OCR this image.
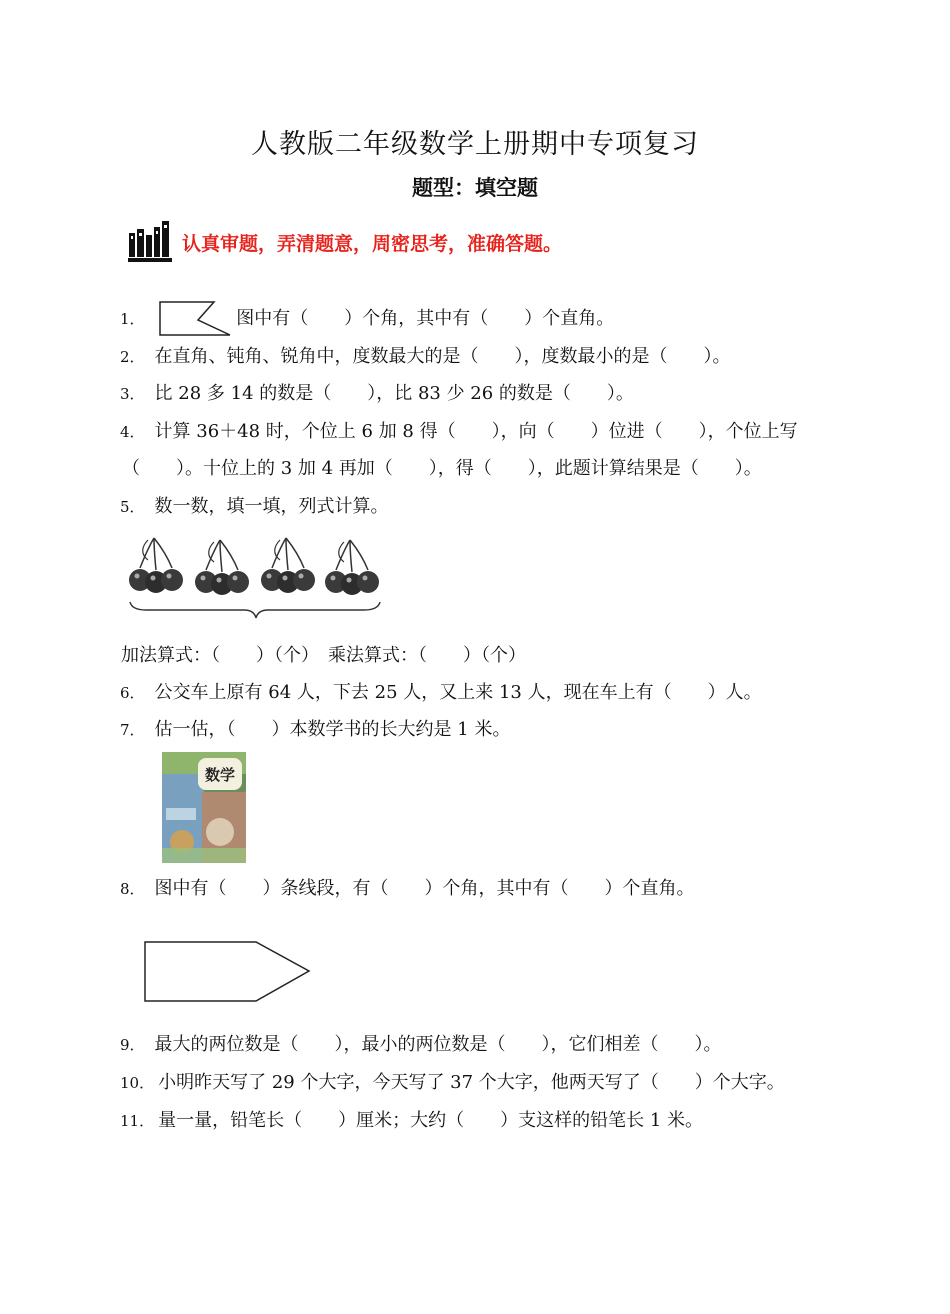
人教版二年级数学上册期中专项复习
题型：填空题
认真审题，弄清题意，周密思考，准确答题。
1．	图中有（　　）个角，其中有（　　）个直角。
2． 在直角、钝角、锐角中，度数最大的是（　　），度数最小的是（　　）。
3． 比 28 多 14 的数是（　　），比 83 少 26 的数是（　　）。
4． 计算 36＋48 时，个位上 6 加 8 得（　　），向（　　）位进（　　），个位上写
（　　）。十位上的 3 加 4 再加（　　），得（　　），此题计算结果是（　　）。
5． 数一数，填一填，列式计算。
加法算式：（　　）（个）　乘法算式：（　　）（个）
6． 公交车上原有 64 人，下去 25 人，又上来 13 人，现在车上有（　　）人。
7． 估一估，（　　）本数学书的长大约是 1 米。
数学
8． 图中有（　　）条线段，有（　　）个角，其中有（　　）个直角。
9． 最大的两位数是（　　），最小的两位数是（　　），它们相差（　　）。
10． 小明昨天写了 29 个大字，今天写了 37 个大字，他两天写了（　　）个大字。
11． 量一量，铅笔长（　　）厘米；大约（　　）支这样的铅笔长 1 米。
